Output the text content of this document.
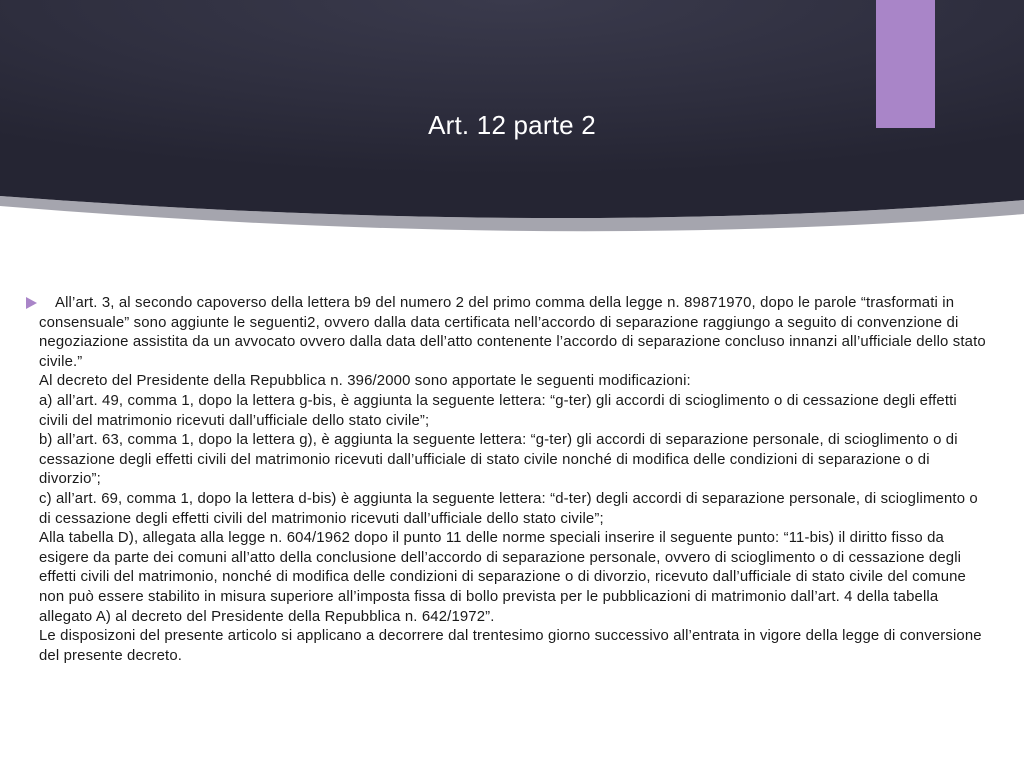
Art. 12 parte 2

All’art. 3, al secondo capoverso della lettera b9 del numero 2 del primo comma della legge n. 89871970, dopo le parole “trasformati in consensuale” sono aggiunte le seguenti2, ovvero dalla data certificata nell’accordo di separazione raggiungo a seguito di convenzione di negoziazione assistita da un avvocato ovvero dalla data dell’atto contenente l’accordo di separazione concluso innanzi all’ufficiale dello stato civile.”

Al decreto del Presidente della Repubblica n. 396/2000 sono apportate le seguenti modificazioni:

a) all’art. 49, comma 1, dopo la lettera g-bis, è aggiunta la seguente lettera: “g-ter) gli accordi di scioglimento o di cessazione degli effetti civili del matrimonio ricevuti dall’ufficiale dello stato civile”;

b) all’art. 63, comma 1, dopo la lettera g), è aggiunta la seguente lettera: “g-ter) gli accordi di separazione personale, di scioglimento o di cessazione degli effetti civili del matrimonio ricevuti dall’ufficiale di stato civile nonché di modifica delle condizioni di separazione o di divorzio”;

c) all’art. 69, comma 1, dopo la lettera d-bis) è aggiunta la seguente lettera: “d-ter) degli accordi di separazione personale, di scioglimento o di cessazione degli effetti civili del matrimonio ricevuti dall’ufficiale dello stato civile”;

Alla tabella D), allegata alla legge n. 604/1962 dopo il punto 11 delle norme speciali inserire il seguente punto: “11-bis) il diritto fisso da esigere da parte dei comuni all’atto della conclusione dell’accordo di separazione personale, ovvero di scioglimento o di cessazione degli effetti civili del matrimonio, nonché di modifica delle condizioni di separazione o di divorzio, ricevuto dall’ufficiale di stato civile del comune non può essere stabilito in misura superiore all’imposta fissa di bollo prevista per le pubblicazioni di matrimonio dall’art. 4 della tabella allegato A) al decreto del Presidente della Repubblica n. 642/1972”.

Le disposizoni del presente articolo si applicano a decorrere dal trentesimo giorno successivo all’entrata in vigore della legge di conversione del presente decreto.
